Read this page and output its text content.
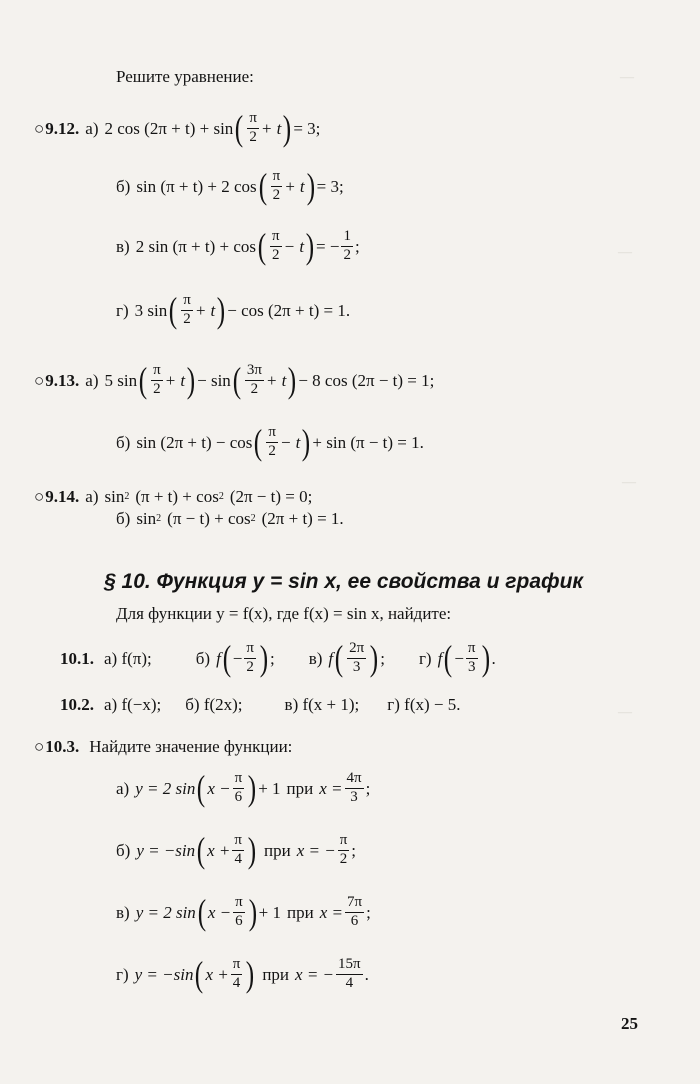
—
—
—
—
Решите уравнение:
○ 9.12. а) 2 cos (2π + t) + sin ( π
2 + t ) = 3;
б) sin (π + t) + 2 cos ( π
2 + t ) = 3;
в) 2 sin (π + t) + cos ( π
2 − t ) = − $\frac{1}{2}$ ;
г) 3 sin ( π
2 + t ) − cos (2π + t) = 1.
○ 9.13. а) 5 sin ( π
2 + t ) − sin ( 3π
2 + t ) − 8 cos (2π − t) = 1;
б) sin (2π + t) − cos ( π
2 − t ) + sin (π − t) = 1.
○ 9.14. а) sin 2 (π + t) + cos 2 (2π − t) = 0;
б) sin 2 (π − t) + cos 2 (2π + t) = 1.
§ 10. Функция y = sin x, ее свойства и график
Для функции y = f(x), где f(x) = sin x, найдите:
10.1. а) f(π);	б) f ( − $\frac{\pi}{2}$ ) ; в) f ( 2π
3 ) ; г) f ( − $\frac{\pi}{3}$ ) .
10.2. а) f(−x); б) f(2x); в) f(x + 1); г) f(x) − 5.
○ 10.3. Найдите значение функции:
а) y = 2 sin ( $x - \frac{\pi}{6}$ ) + 1 при $x = \frac{4\pi}{3}$ ;
б) y = −sin ( $x + \frac{\pi}{4}$ ) при x = − $\frac{\pi}{2}$ ;
в) y = 2 sin ( $x - \frac{\pi}{6}$ ) + 1 при $x = \frac{7\pi}{6}$ ;
г) y = −sin ( $x + \frac{\pi}{4}$ ) при x = − $\frac{15\pi}{4}$ .
25
